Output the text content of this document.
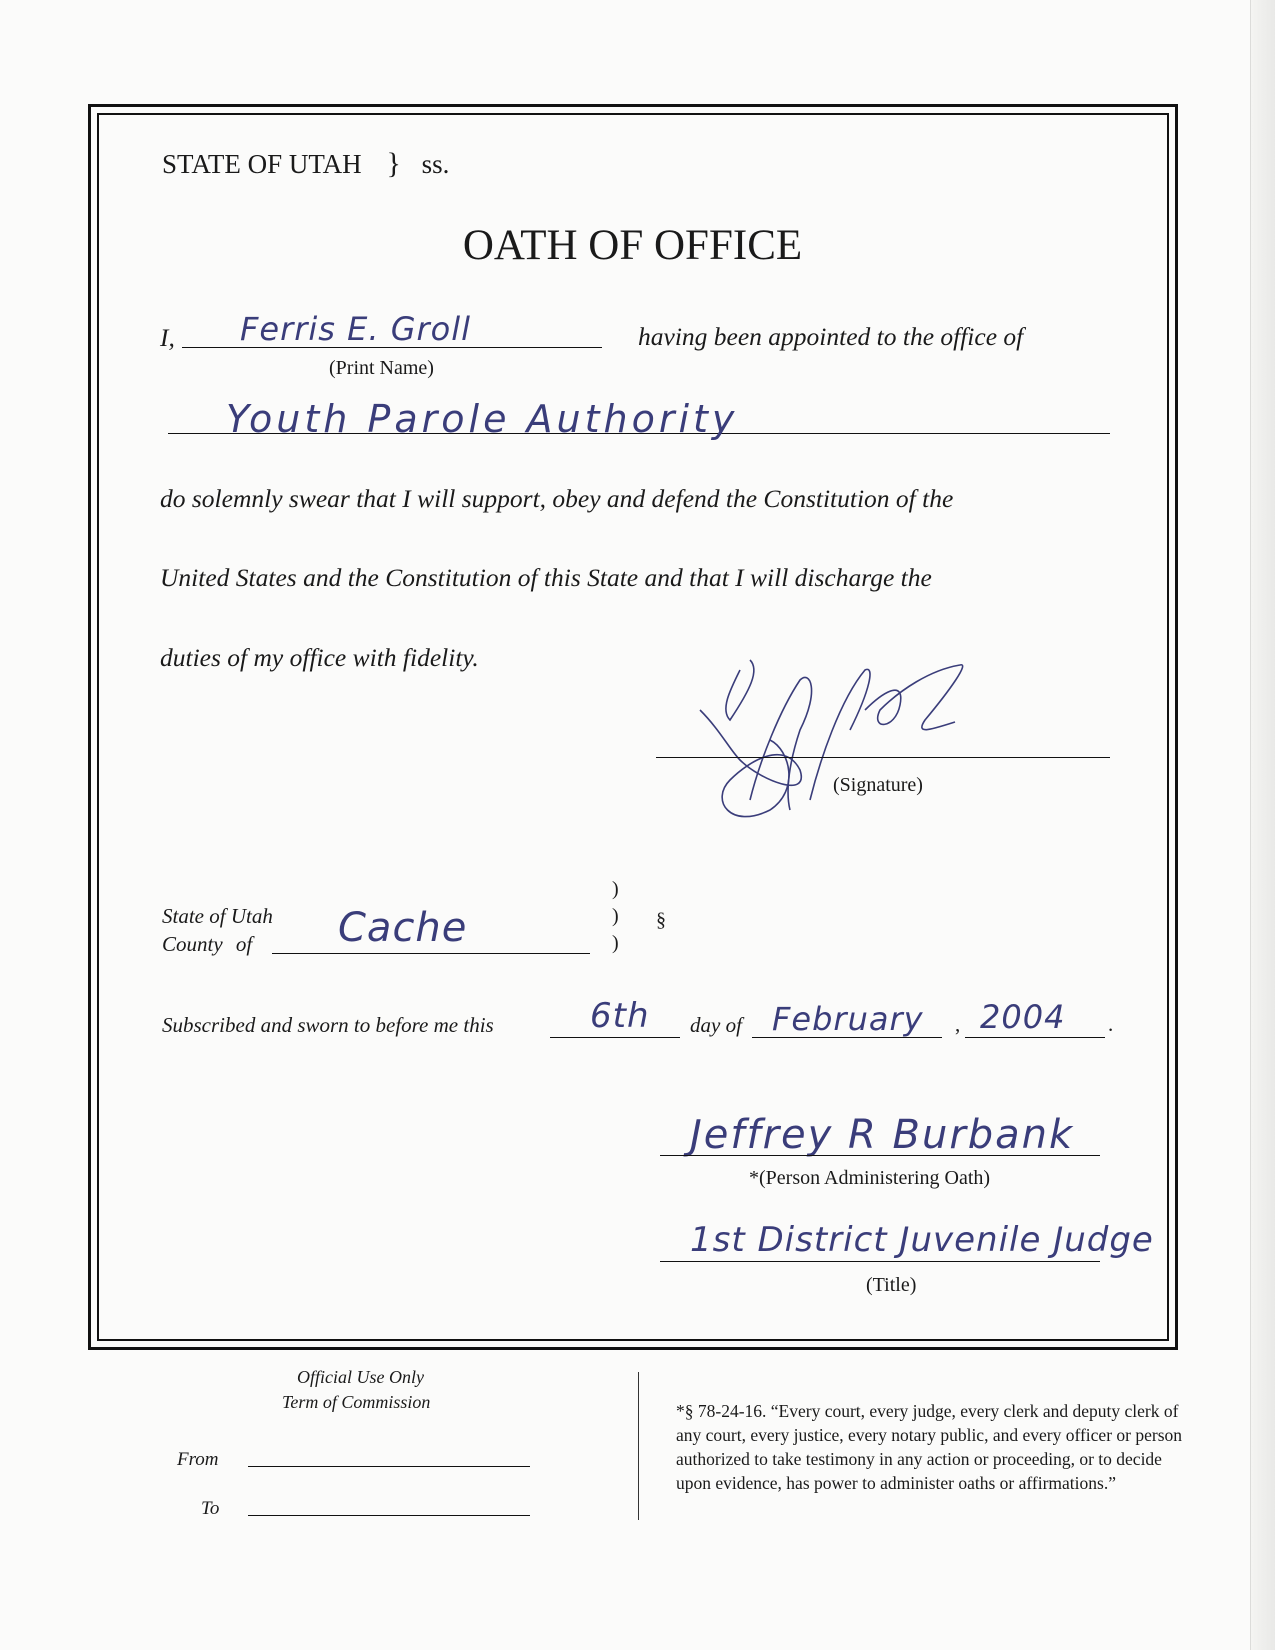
STATE OF UTAH } ss.
OATH OF OFFICE
I, Ferris E. Groll
(Print Name)
having been appointed to the office of
Youth Parole Authority
do solemnly swear that I will support, obey and defend the Constitution of the
United States and the Constitution of this State and that I will discharge the
duties of my office with fidelity.
(Signature)
State of Utah
County of Cache
)
)
)
§
Subscribed and sworn to before me this	6th day of February , 2004 .
Jeffrey R Burbank
*(Person Administering Oath)
1st District Juvenile Judge
(Title)
Official Use Only
Term of Commission
From
To
*§ 78-24-16. “Every court, every judge, every clerk and deputy clerk of any court, every justice, every notary public, and every officer or person authorized to take testimony in any action or proceeding, or to decide upon evidence, has power to administer oaths or affirmations.”
